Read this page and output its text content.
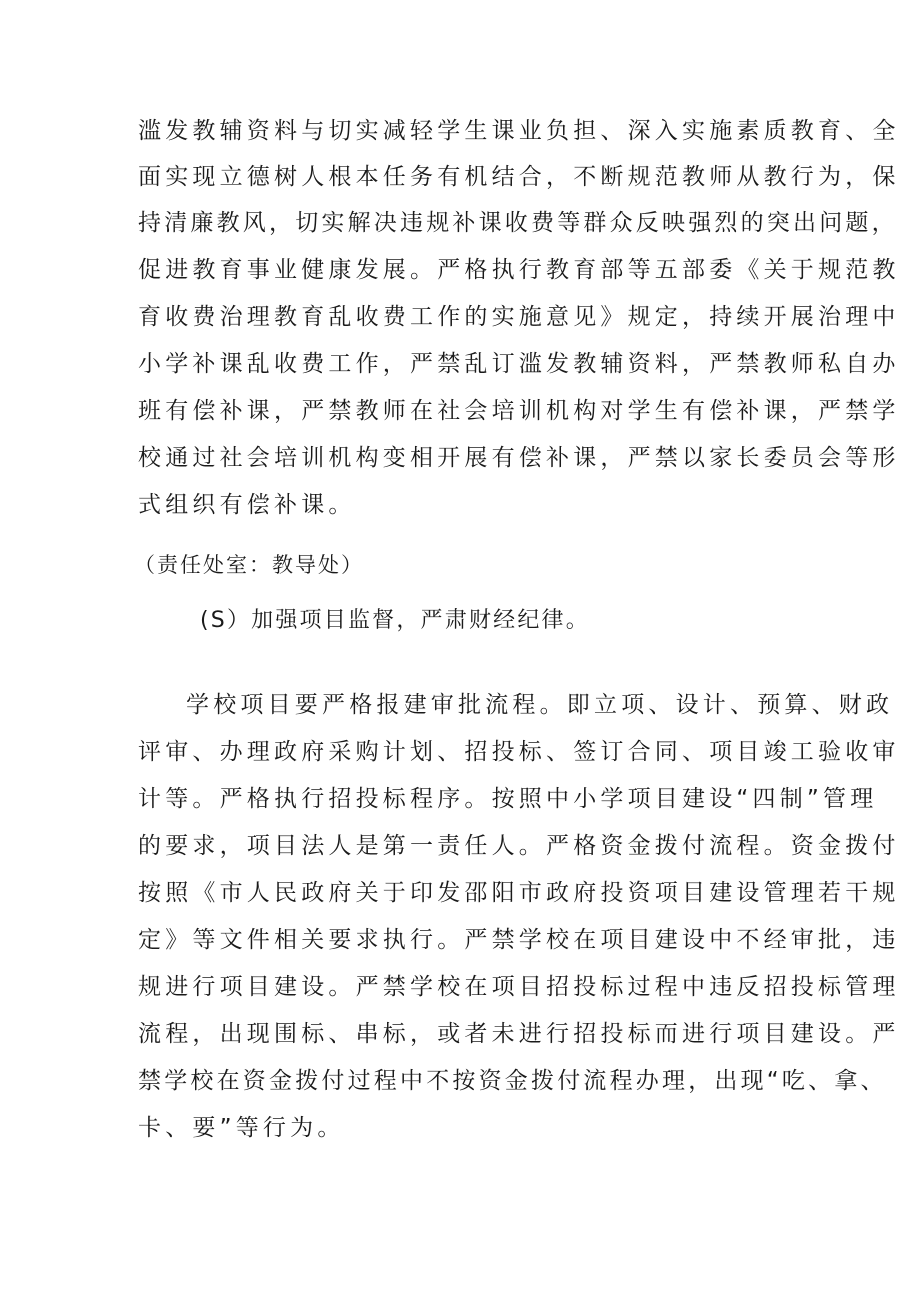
滥发教辅资料与切实减轻学生课业负担、深入实施素质教育、全
面实现立德树人根本任务有机结合，不断规范教师从教行为，保
持清廉教风，切实解决违规补课收费等群众反映强烈的突出问题，
促进教育事业健康发展。严格执行教育部等五部委《关于规范教
育收费治理教育乱收费工作的实施意见》规定，持续开展治理中
小学补课乱收费工作，严禁乱订滥发教辅资料，严禁教师私自办
班有偿补课，严禁教师在社会培训机构对学生有偿补课，严禁学
校通过社会培训机构变相开展有偿补课，严禁以家长委员会等形
式组织有偿补课。
（责任处室：教导处）
(S）加强项目监督，严肃财经纪律。
学校项目要严格报建审批流程。即立项、设计、预算、财政
评审、办理政府采购计划、招投标、签订合同、项目竣工验收审
计等。严格执行招投标程序。按照中小学项目建设“四制”管理
的要求，项目法人是第一责任人。严格资金拨付流程。资金拨付
按照《市人民政府关于印发邵阳市政府投资项目建设管理若干规
定》等文件相关要求执行。严禁学校在项目建设中不经审批，违
规进行项目建设。严禁学校在项目招投标过程中违反招投标管理
流程，出现围标、串标，或者未进行招投标而进行项目建设。严
禁学校在资金拨付过程中不按资金拨付流程办理，出现“吃、拿、
卡、要”等行为。
